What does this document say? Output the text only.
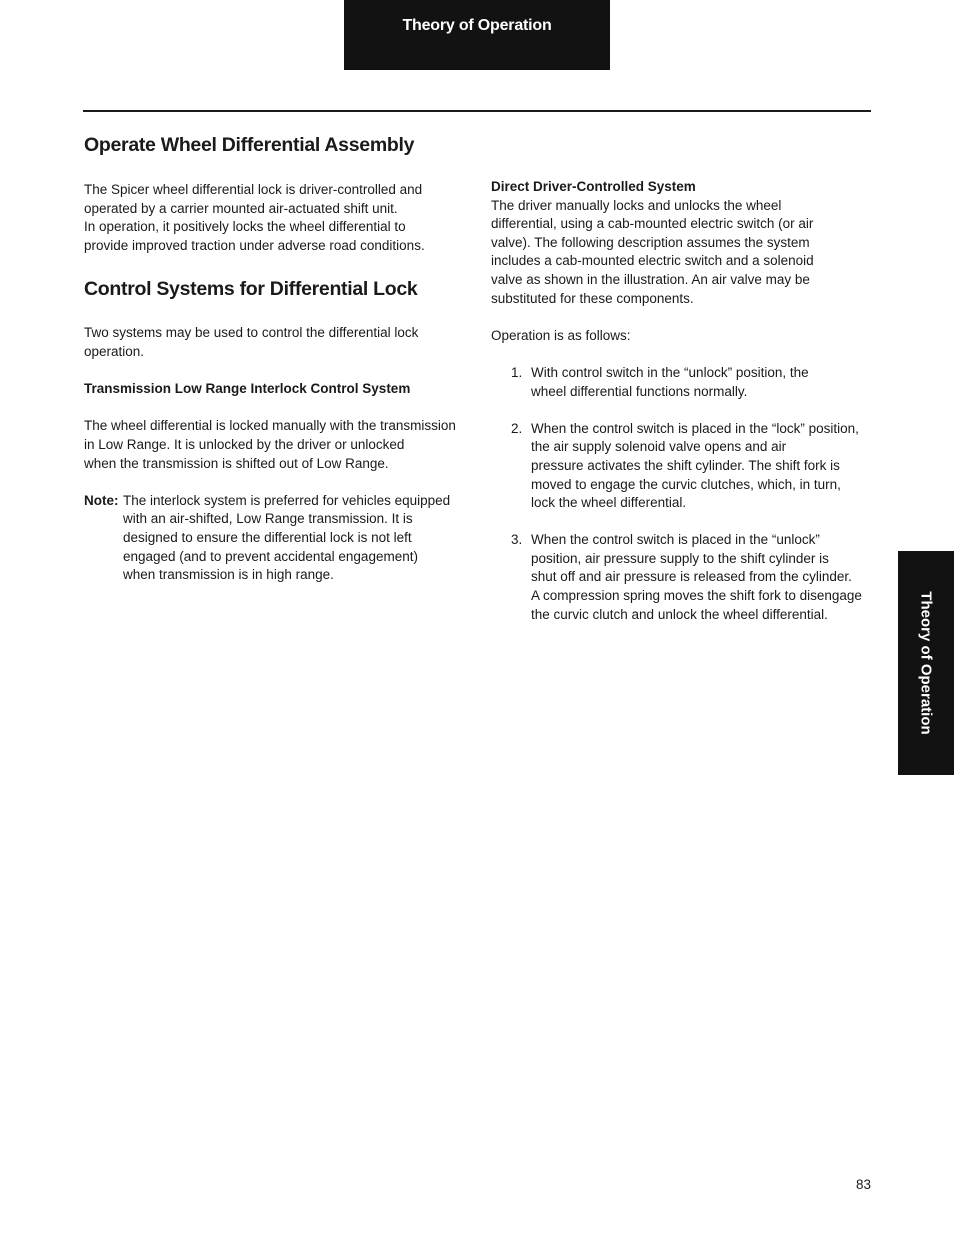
Theory of Operation
Theory of Operation
Operate Wheel Differential Assembly

The Spicer wheel differential lock is driver-controlled and
operated by a carrier mounted air-actuated shift unit.
In operation, it positively locks the wheel differential to
provide improved traction under adverse road conditions.

Control Systems for Differential Lock

Two systems may be used to control the differential lock
operation.

Transmission Low Range Interlock Control System

The wheel differential is locked manually with the transmission
in Low Range. It is unlocked by the driver or unlocked
when the transmission is shifted out of Low Range.

Note: The interlock system is preferred for vehicles equipped
with an air-shifted, Low Range transmission. It is
designed to ensure the differential lock is not left
engaged (and to prevent accidental engagement)
when transmission is in high range.

Direct Driver-Controlled System

The driver manually locks and unlocks the wheel
differential, using a cab-mounted electric switch (or air
valve). The following description assumes the system
includes a cab-mounted electric switch and a solenoid
valve as shown in the illustration. An air valve may be
substituted for these components.

Operation is as follows:

1. With control switch in the “unlock” position, the
wheel differential functions normally.

2. When the control switch is placed in the “lock” position,
the air supply solenoid valve opens and air
pressure activates the shift cylinder. The shift fork is
moved to engage the curvic clutches, which, in turn,
lock the wheel differential.

3. When the control switch is placed in the “unlock”
position, air pressure supply to the shift cylinder is
shut off and air pressure is released from the cylinder.
A compression spring moves the shift fork to disengage
the curvic clutch and unlock the wheel differential.

83
